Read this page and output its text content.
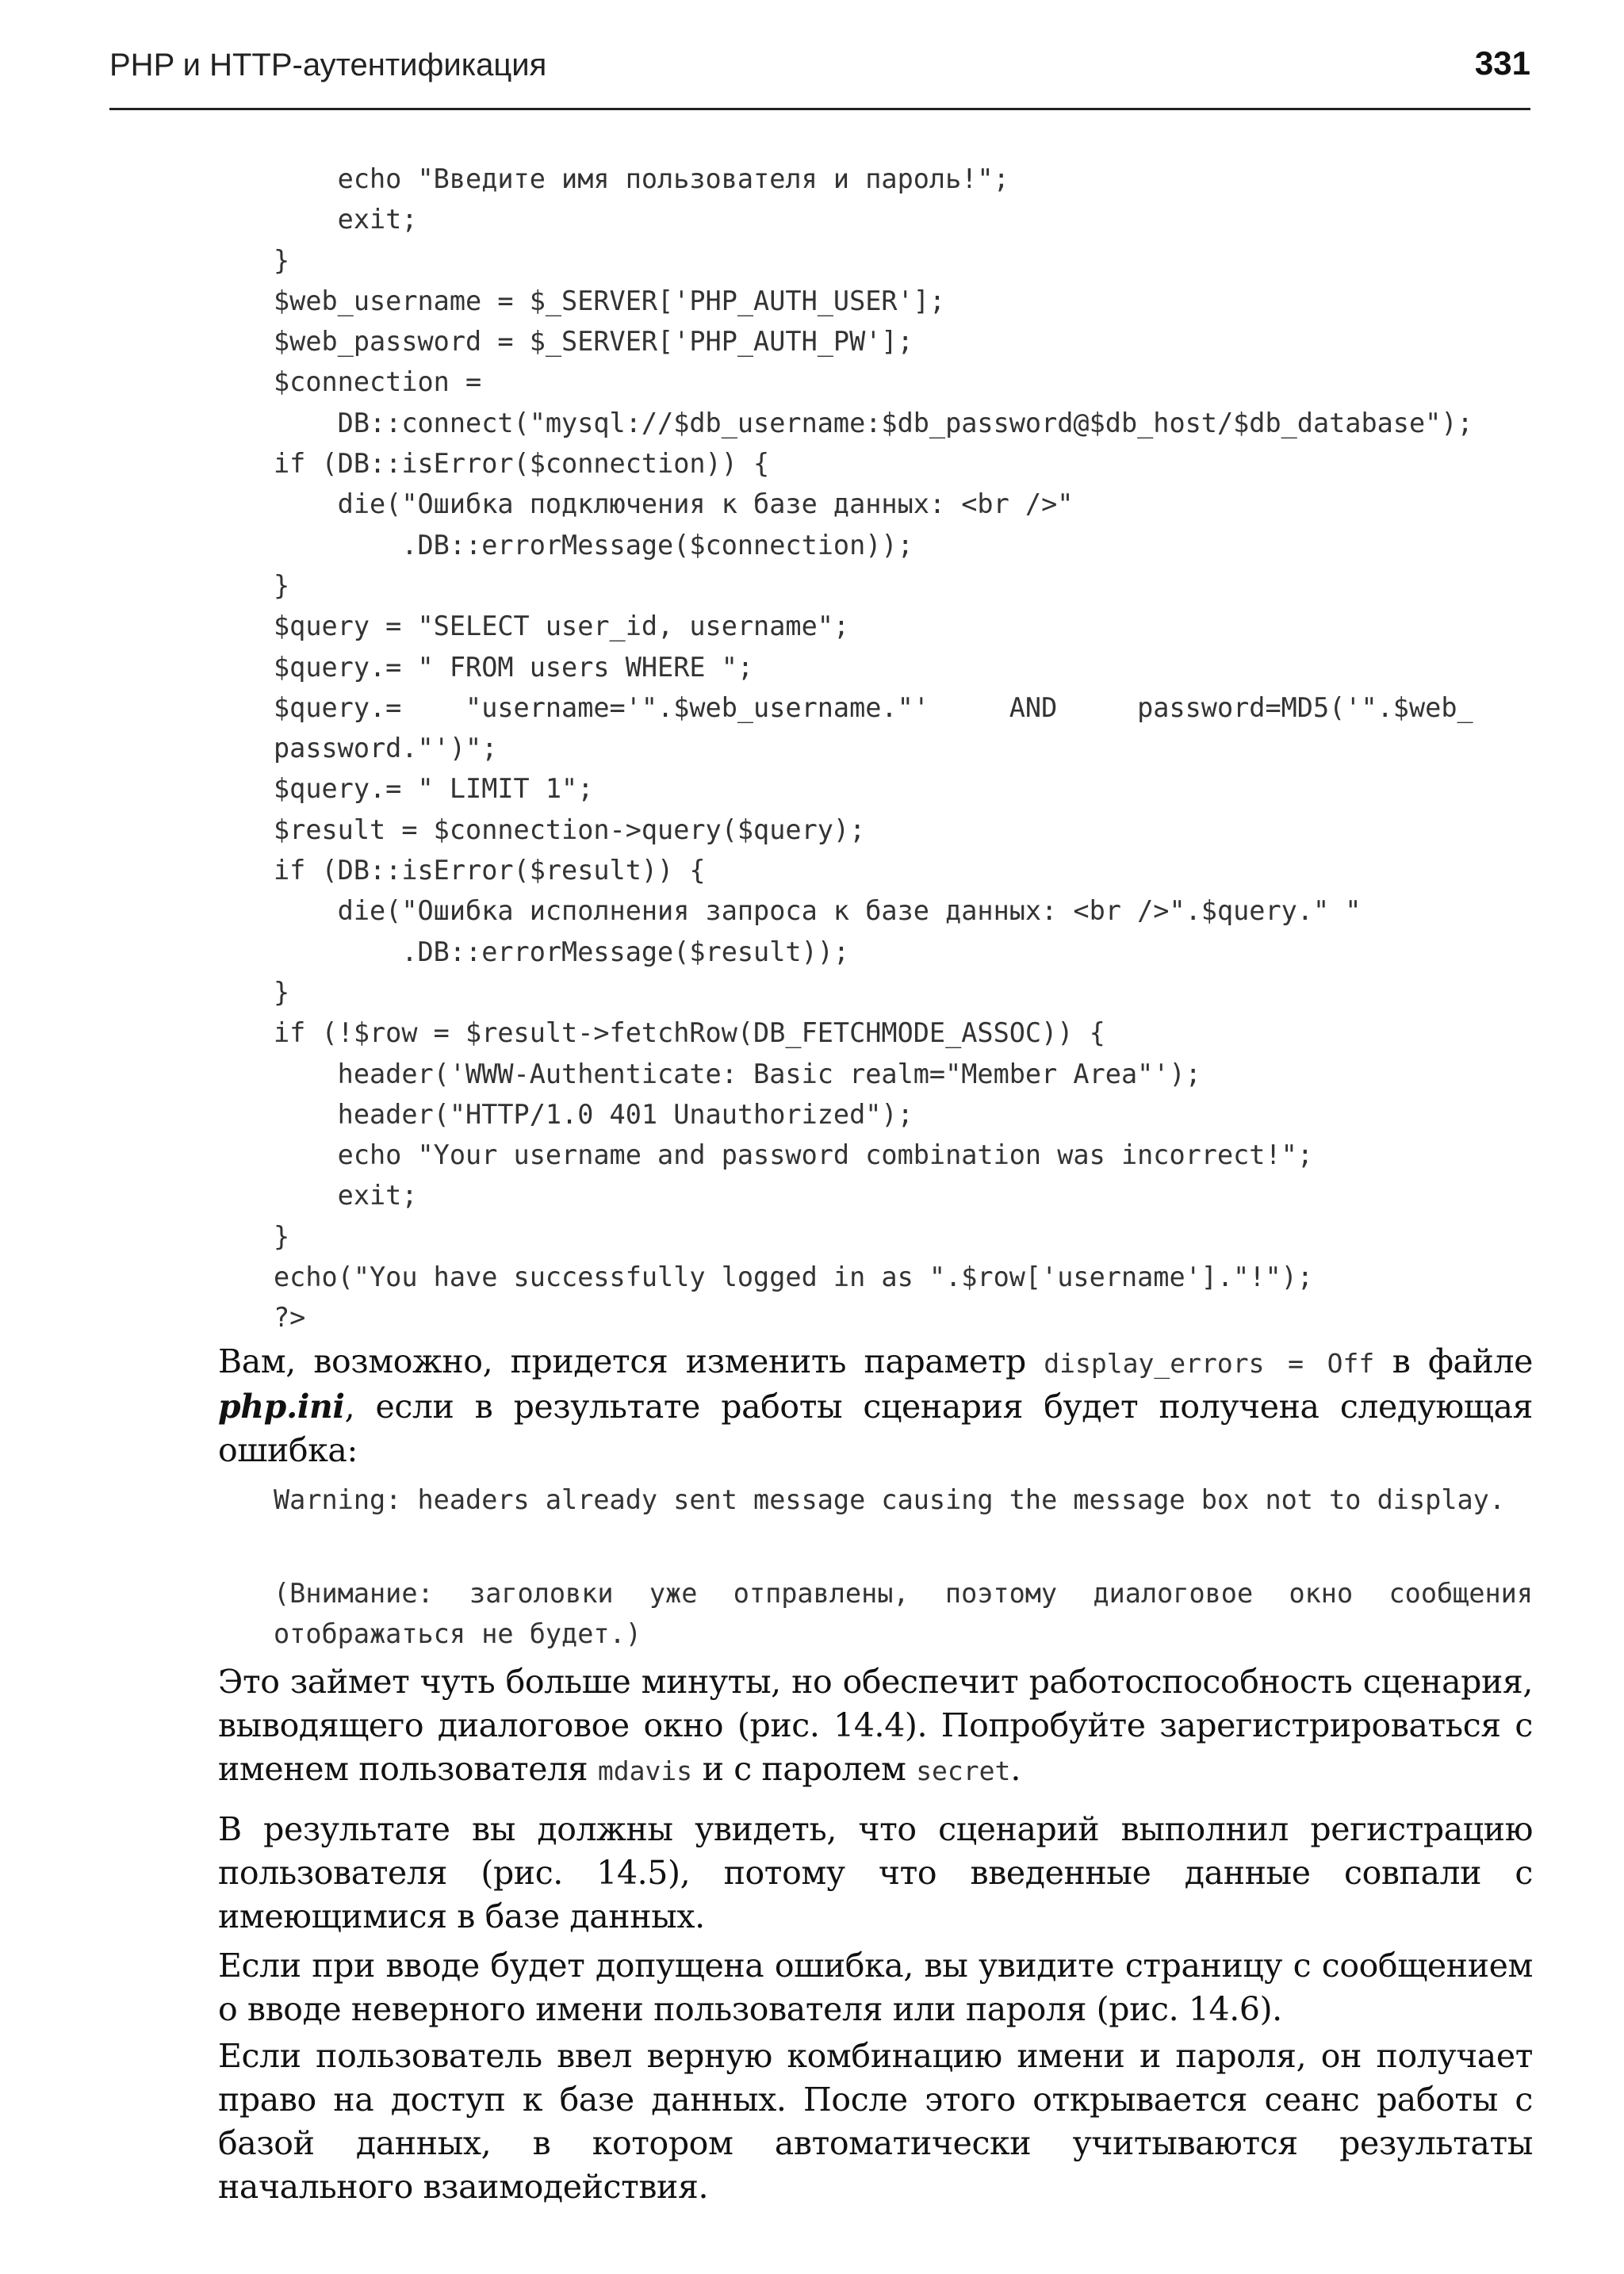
PHP и HTTP-аутентификация	331
echo "Введите имя пользователя и пароль!";
exit;
}
$web_username = $_SERVER['PHP_AUTH_USER'];
$web_password = $_SERVER['PHP_AUTH_PW'];
$connection =
DB::connect("mysql://$db_username:$db_password@$db_host/$db_database");
if (DB::isError($connection)) {
die("Ошибка подключения к базе данных: <br />"
.DB::errorMessage($connection));
}
$query = "SELECT user_id, username";
$query.= " FROM users WHERE ";
$query.=    "username='".$web_username."'     AND     password=MD5('".$web_
password."')";
$query.= " LIMIT 1";
$result = $connection->query($query);
if (DB::isError($result)) {
die("Ошибка исполнения запроса к базе данных: <br />".$query." "
.DB::errorMessage($result));
}
if (!$row = $result->fetchRow(DB_FETCHMODE_ASSOC)) {
header('WWW-Authenticate: Basic realm="Member Area"');
header("HTTP/1.0 401 Unauthorized");
echo "Your username and password combination was incorrect!";
exit;
}
echo("You have successfully logged in as ".$row['username']."!");
?>

Вам, возможно, придется изменить параметр display_errors = Off в файле php.ini, если в результате работы сценария будет получена следующая ошибка:

Warning: headers already sent message causing the message box not to display.

(Внимание: заголовки уже отправлены, поэтому диалоговое окно сообщения отображаться не будет.)

Это займет чуть больше минуты, но обеспечит работоспособность сценария, выводящего диалоговое окно (рис. 14.4). Попробуйте зарегистрироваться с именем пользователя mdavis и с паролем secret.

В результате вы должны увидеть, что сценарий выполнил регистрацию пользователя (рис. 14.5), потому что введенные данные совпали с имеющимися в базе данных.

Если при вводе будет допущена ошибка, вы увидите страницу с сообщением о вводе неверного имени пользователя или пароля (рис. 14.6).

Если пользователь ввел верную комбинацию имени и пароля, он получает право на доступ к базе данных. После этого открывается сеанс работы с базой данных, в котором автоматически учитываются результаты начального взаимодействия.
